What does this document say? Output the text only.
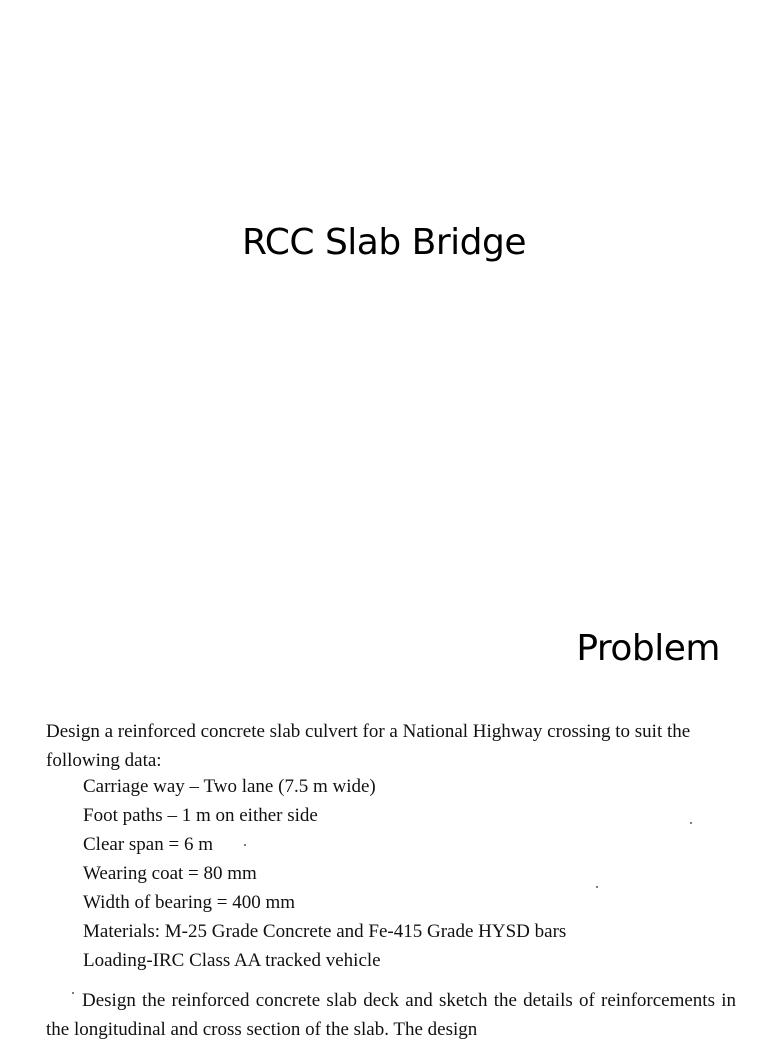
RCC Slab Bridge
Problem

Design a reinforced concrete slab culvert for a National Highway crossing to suit the following data:

Carriage way – Two lane (7.5 m wide)
Foot paths – 1 m on either side
Clear span = 6 m
Wearing coat = 80 mm
Width of bearing = 400 mm
Materials: M-25 Grade Concrete and Fe-415 Grade HYSD bars
Loading-IRC Class AA tracked vehicle

Design the reinforced concrete slab deck and sketch the details of reinforcements in the longitudinal and cross section of the slab. The design
